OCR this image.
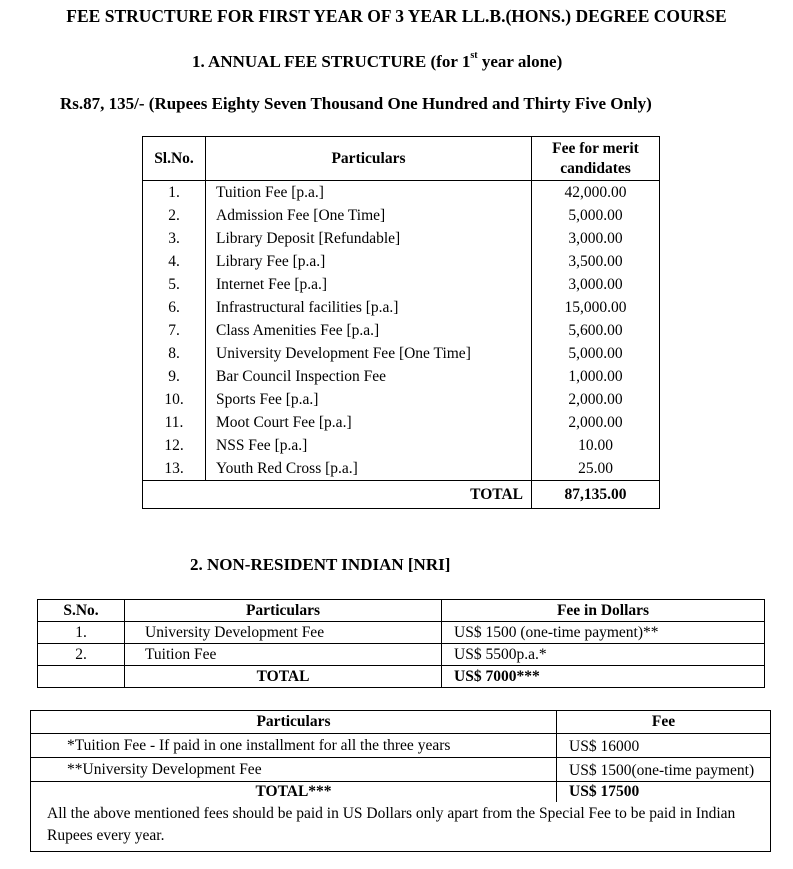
FEE STRUCTURE FOR FIRST YEAR OF 3 YEAR LL.B.(HONS.) DEGREE COURSE
1. ANNUAL FEE STRUCTURE (for 1st year alone)
Rs.87, 135/- (Rupees Eighty Seven Thousand One Hundred and Thirty Five Only)
Sl.No.	Particulars	Fee for merit candidates
1.	Tuition Fee [p.a.]	42,000.00
2.	Admission Fee [One Time]	5,000.00
3.	Library Deposit [Refundable]	3,000.00
4.	Library Fee [p.a.]	3,500.00
5.	Internet Fee [p.a.]	3,000.00
6.	Infrastructural facilities [p.a.]	15,000.00
7.	Class Amenities Fee [p.a.]	5,600.00
8.	University Development Fee [One Time]	5,000.00
9.	Bar Council Inspection Fee	1,000.00
10.	Sports Fee [p.a.]	2,000.00
11.	Moot Court Fee [p.a.]	2,000.00
12.	NSS Fee [p.a.]	10.00
13.	Youth Red Cross [p.a.]	25.00
	TOTAL	87,135.00
2. NON-RESIDENT INDIAN [NRI]
S.No.	Particulars	Fee in Dollars
1.	University Development Fee	US$ 1500 (one-time payment)**
2.	Tuition Fee	US$ 5500p.a.*
	TOTAL	US$ 7000***
Particulars	Fee
*Tuition Fee - If paid in one installment for all the three years	US$ 16000
**University Development Fee	US$ 1500(one-time payment)
TOTAL***	US$ 17500
All the above mentioned fees should be paid in US Dollars only apart from the Special Fee to be paid in Indian Rupees every year.	
